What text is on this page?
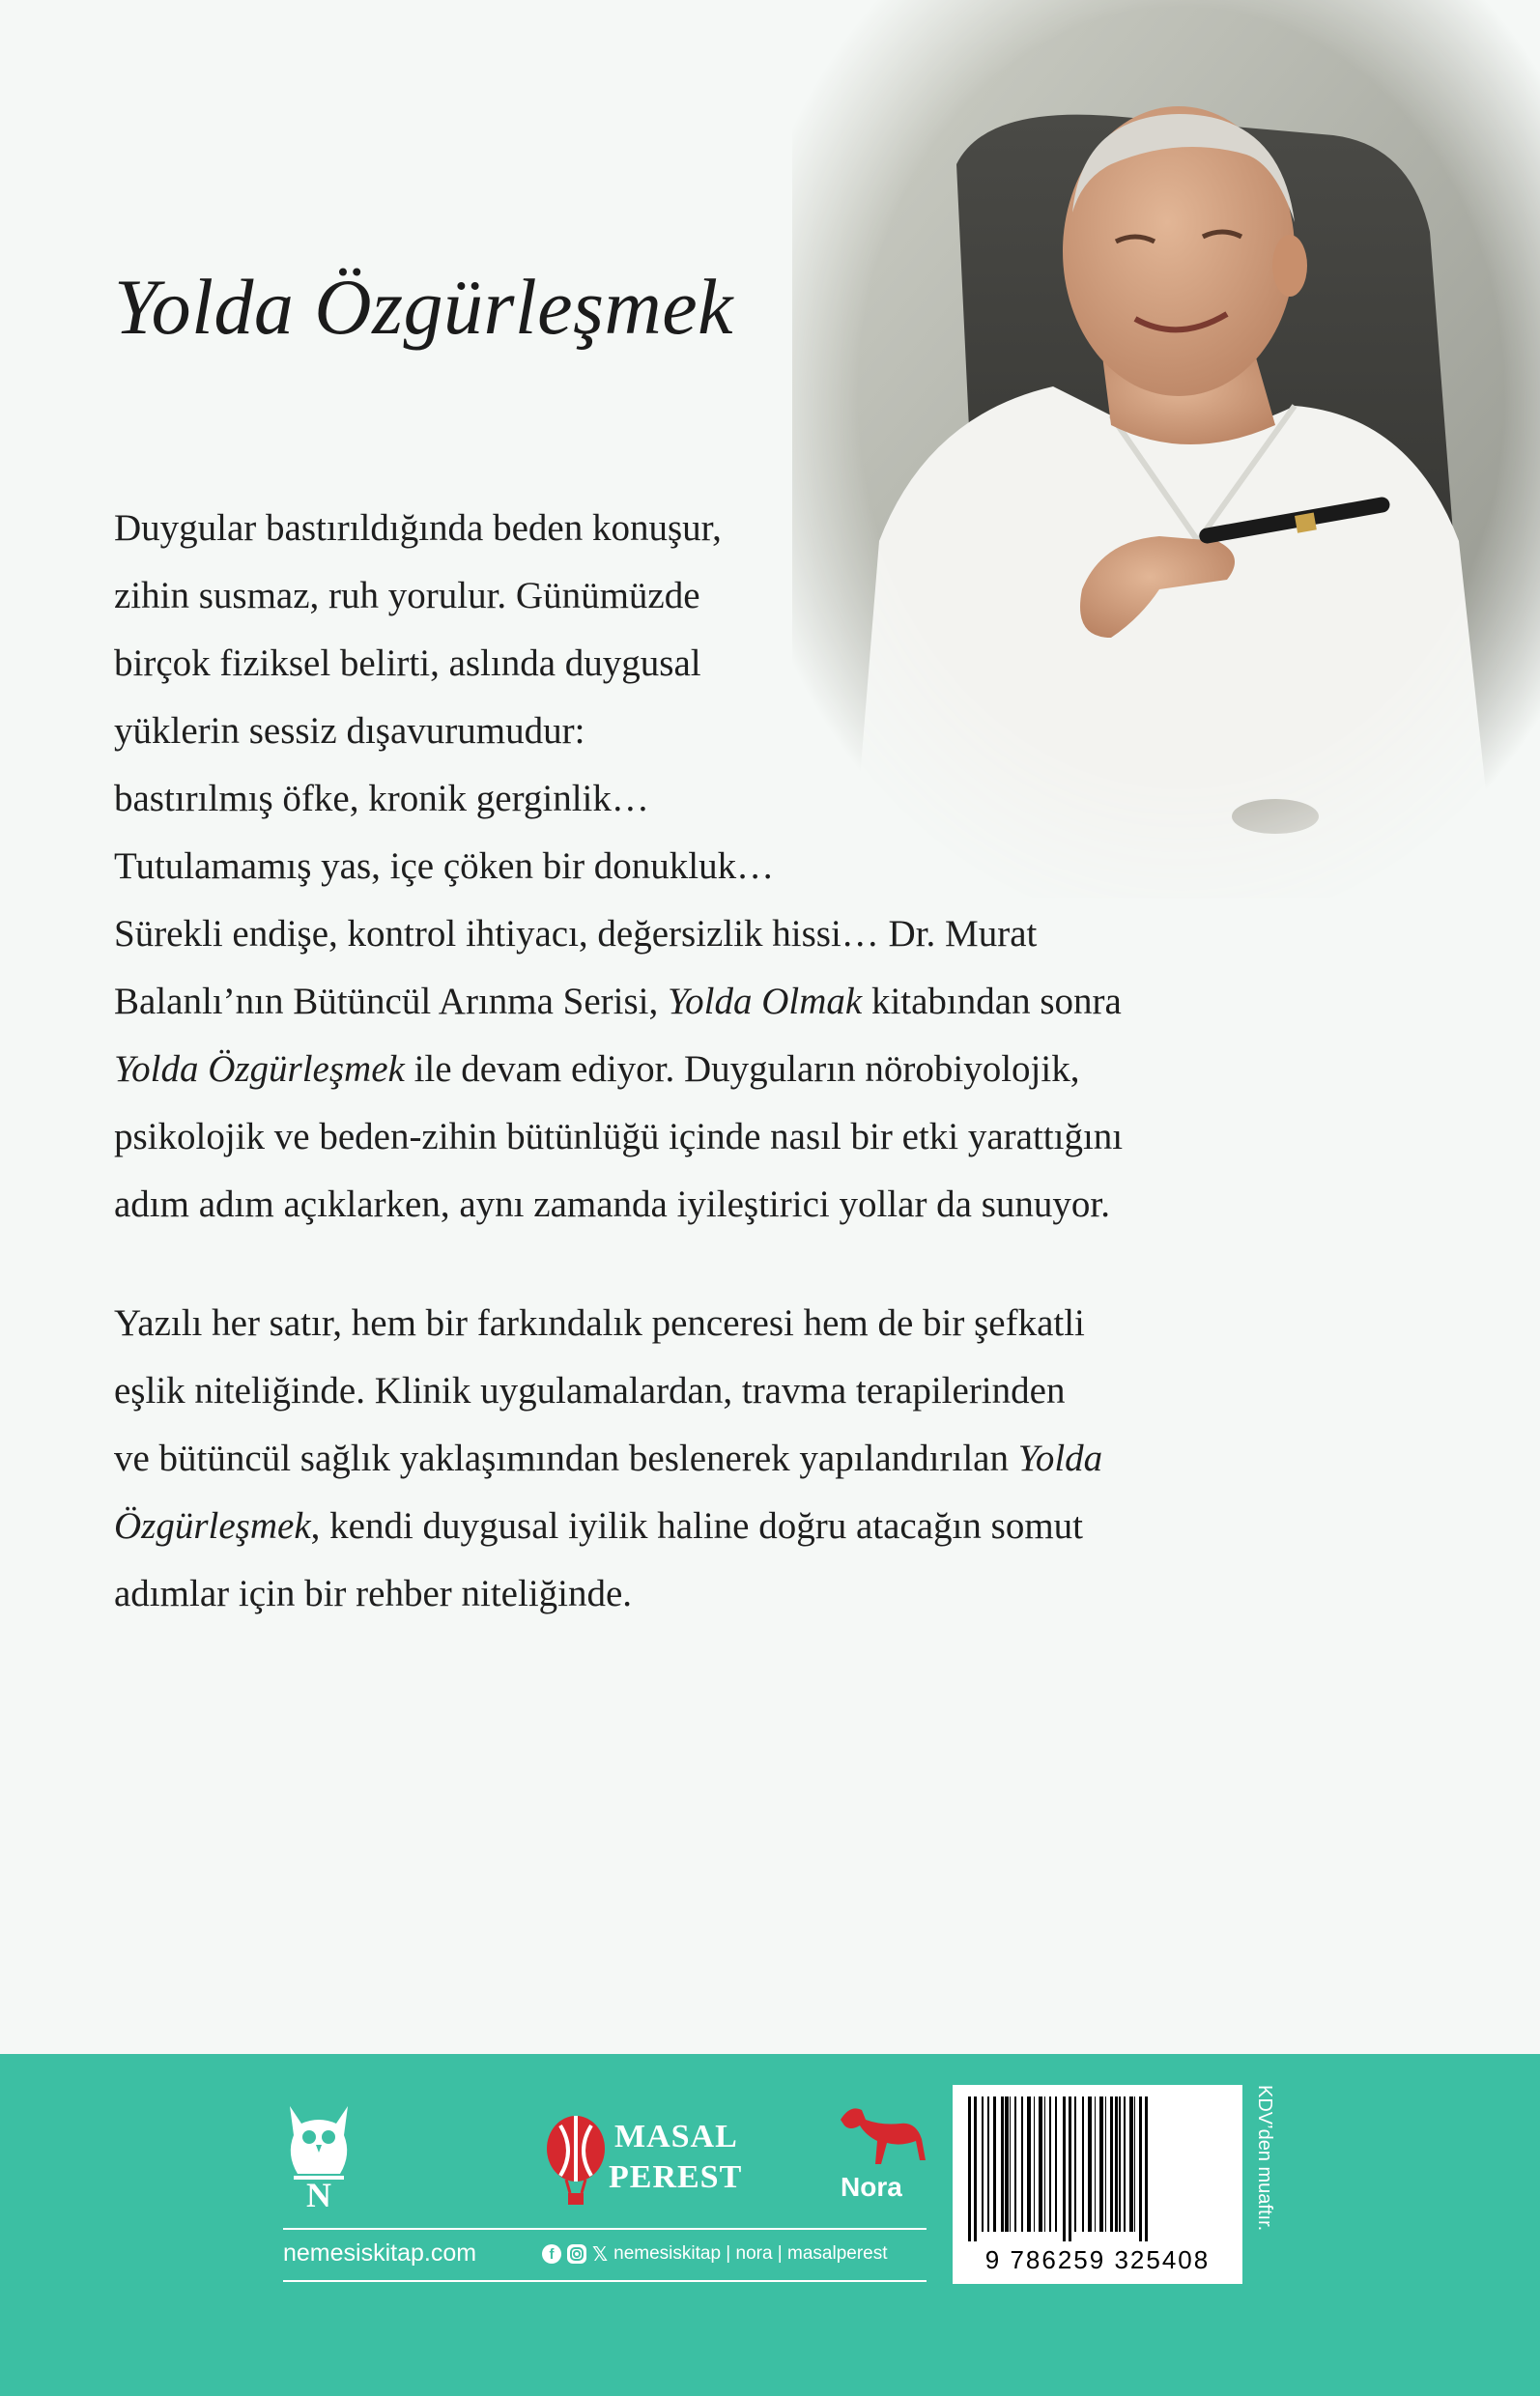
Yolda Özgürleşmek
Duygular bastırıldığında beden konuşur,
zihin susmaz, ruh yorulur. Günümüzde
birçok fiziksel belirti, aslında duygusal
yüklerin sessiz dışavurumudur:
bastırılmış öfke, kronik gerginlik…
Tutulamamış yas, içe çöken bir donukluk…
Sürekli endişe, kontrol ihtiyacı, değersizlik hissi… Dr. Murat
Balanlı’nın Bütüncül Arınma Serisi, Yolda Olmak kitabından sonra
Yolda Özgürleşmek ile devam ediyor. Duyguların nörobiyolojik,
psikolojik ve beden-zihin bütünlüğü içinde nasıl bir etki yarattığını
adım adım açıklarken, aynı zamanda iyileştirici yollar da sunuyor.
Yazılı her satır, hem bir farkındalık penceresi hem de bir şefkatli
eşlik niteliğinde. Klinik uygulamalardan, travma terapilerinden
ve bütüncül sağlık yaklaşımından beslenerek yapılandırılan Yolda
Özgürleşmek, kendi duygusal iyilik haline doğru atacağın somut
adımlar için bir rehber niteliğinde.
N
MASAL
PEREST	Nora
nemesiskitap.com	f	𝕏 nemesiskitap | nora | masalperest	9 786259 325408
KDV’den muaftır.
